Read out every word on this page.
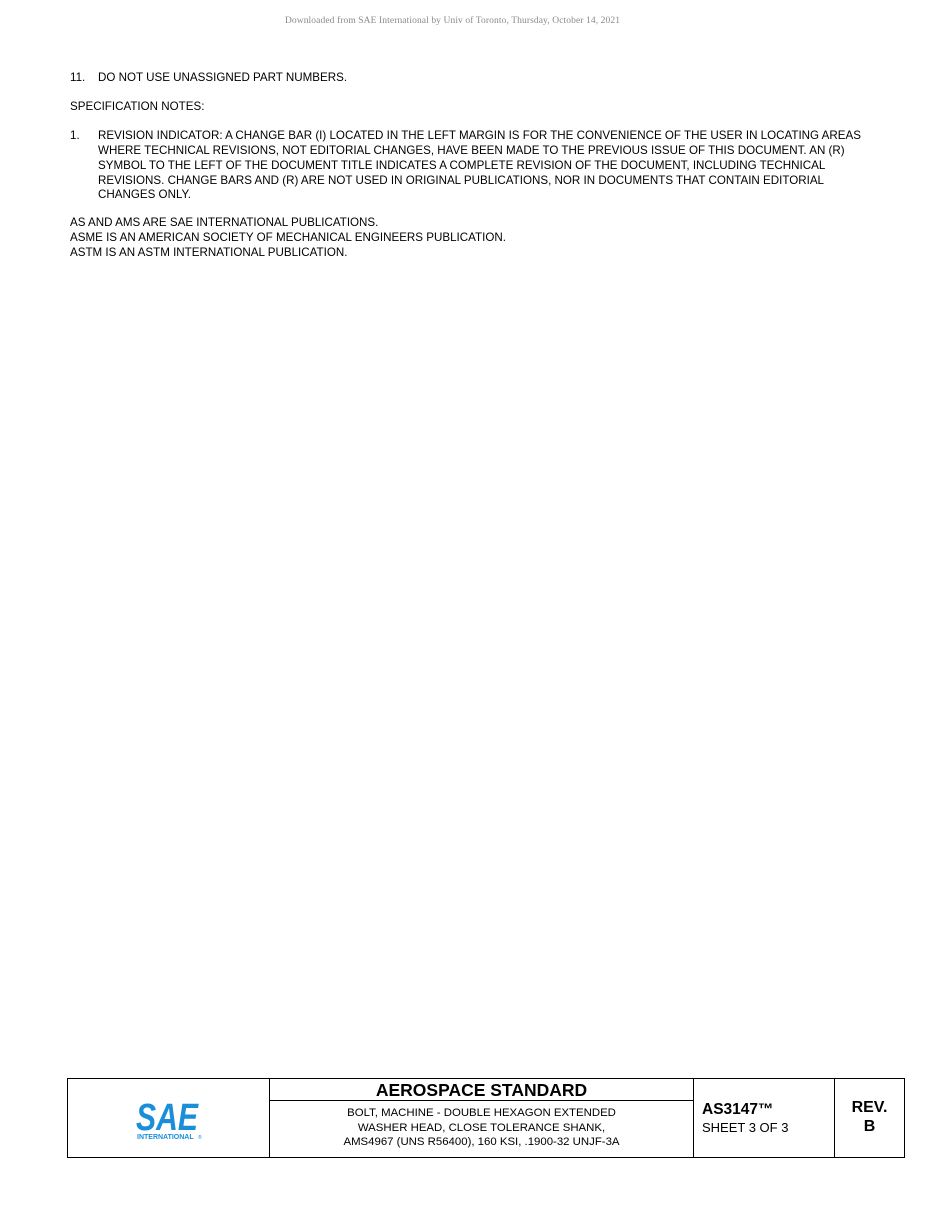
Downloaded from SAE International by Univ of Toronto, Thursday, October 14, 2021
11.	DO NOT USE UNASSIGNED PART NUMBERS.

SPECIFICATION NOTES:

1.	REVISION INDICATOR: A CHANGE BAR (I) LOCATED IN THE LEFT MARGIN IS FOR THE CONVENIENCE OF THE USER IN LOCATING AREAS WHERE TECHNICAL REVISIONS, NOT EDITORIAL CHANGES, HAVE BEEN MADE TO THE PREVIOUS ISSUE OF THIS DOCUMENT. AN (R) SYMBOL TO THE LEFT OF THE DOCUMENT TITLE INDICATES A COMPLETE REVISION OF THE DOCUMENT, INCLUDING TECHNICAL REVISIONS. CHANGE BARS AND (R) ARE NOT USED IN ORIGINAL PUBLICATIONS, NOR IN DOCUMENTS THAT CONTAIN EDITORIAL CHANGES ONLY.

AS AND AMS ARE SAE INTERNATIONAL PUBLICATIONS.

ASME IS AN AMERICAN SOCIETY OF MECHANICAL ENGINEERS PUBLICATION.

ASTM IS AN ASTM INTERNATIONAL PUBLICATION.

SAE
INTERNATIONAL ®
AEROSPACE STANDARD
BOLT, MACHINE - DOUBLE HEXAGON EXTENDED
WASHER HEAD, CLOSE TOLERANCE SHANK,
AMS4967 (UNS R56400), 160 KSI, .1900-32 UNJF-3A
AS3147™
SHEET 3 OF 3
REV.
B
